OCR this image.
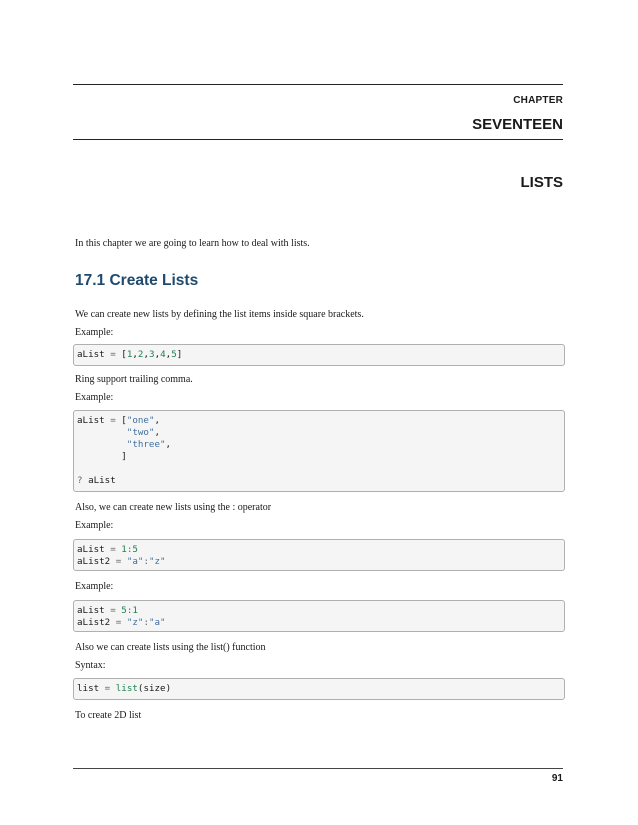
CHAPTER
SEVENTEEN
LISTS
In this chapter we are going to learn how to deal with lists.
17.1 Create Lists
We can create new lists by defining the list items inside square brackets.
Example:
aList = [1,2,3,4,5]
Ring support trailing comma.
Example:
aList = ["one",
"two",
"three",
]
? aList
Also, we can create new lists using the : operator
Example:
aList = 1:5
aList2 = "a":"z"
Example:
aList = 5:1
aList2 = "z":"a"
Also we can create lists using the list() function
Syntax:
list = list(size)
To create 2D list
91
